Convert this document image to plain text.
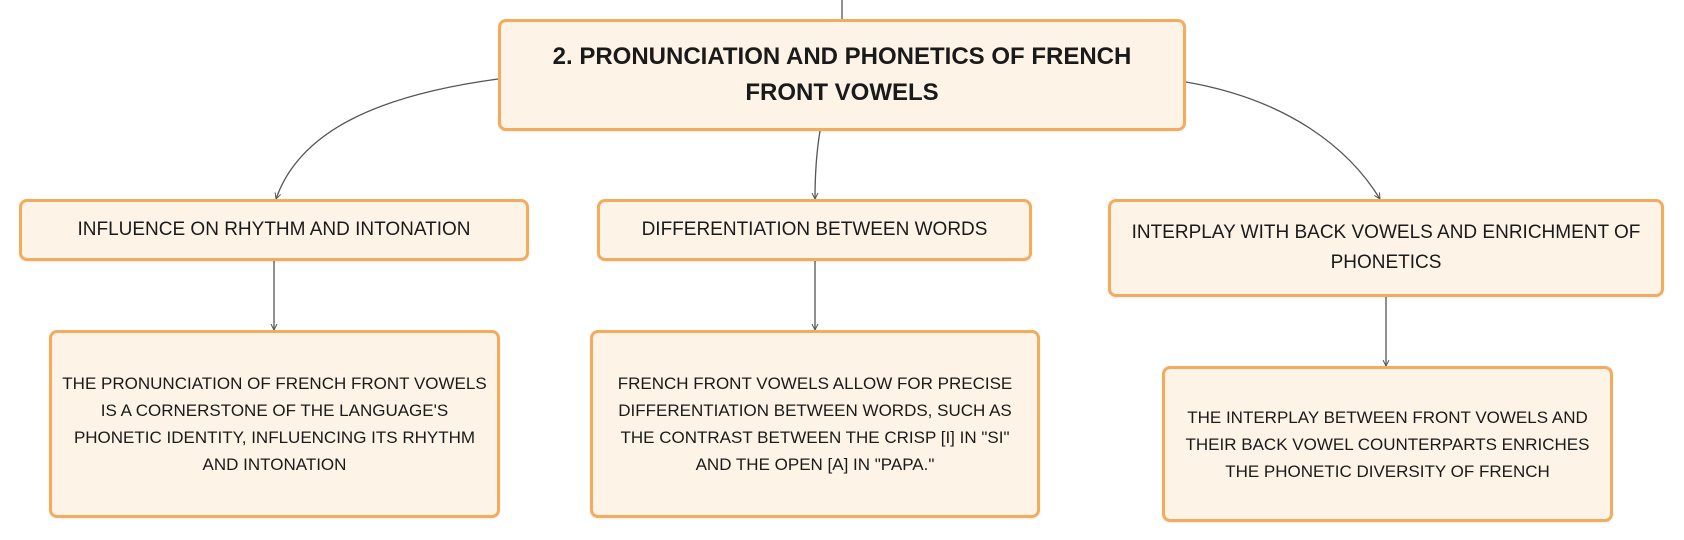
2. PRONUNCIATION AND PHONETICS OF FRENCH FRONT VOWELS
INFLUENCE ON RHYTHM AND INTONATION	DIFFERENTIATION BETWEEN WORDS	INTERPLAY WITH BACK VOWELS AND ENRICHMENT OF PHONETICS
THE PRONUNCIATION OF FRENCH FRONT VOWELS IS A CORNERSTONE OF THE LANGUAGE'S PHONETIC IDENTITY, INFLUENCING ITS RHYTHM AND INTONATION
FRENCH FRONT VOWELS ALLOW FOR PRECISE DIFFERENTIATION BETWEEN WORDS, SUCH AS THE CONTRAST BETWEEN THE CRISP [I] IN "SI" AND THE OPEN [A] IN "PAPA."
THE INTERPLAY BETWEEN FRONT VOWELS AND THEIR BACK VOWEL COUNTERPARTS ENRICHES THE PHONETIC DIVERSITY OF FRENCH
